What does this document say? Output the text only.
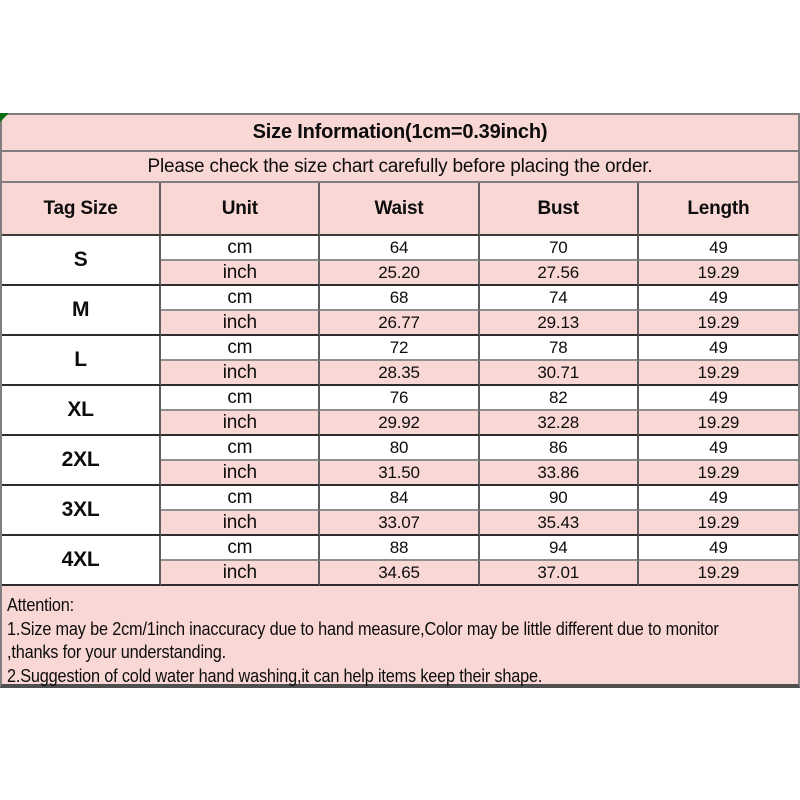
Size Information(1cm=0.39inch)
Please check the size chart carefully before placing the order.
Tag Size	Unit	Waist	Bust	Length
S
cm	64	70	49
inch	25.20	27.56	19.29
M
cm	68	74	49
inch	26.77	29.13	19.29
L
cm	72	78	49
inch	28.35	30.71	19.29
XL
cm	76	82	49
inch	29.92	32.28	19.29
2XL
cm	80	86	49
inch	31.50	33.86	19.29
3XL
cm	84	90	49
inch	33.07	35.43	19.29
4XL
cm	88	94	49
inch	34.65	37.01	19.29
Attention:
1.Size may be 2cm/1inch inaccuracy due to hand measure,Color may be little different due to monitor
,thanks for your understanding.
2.Suggestion of cold water hand washing,it can help items keep their shape.
